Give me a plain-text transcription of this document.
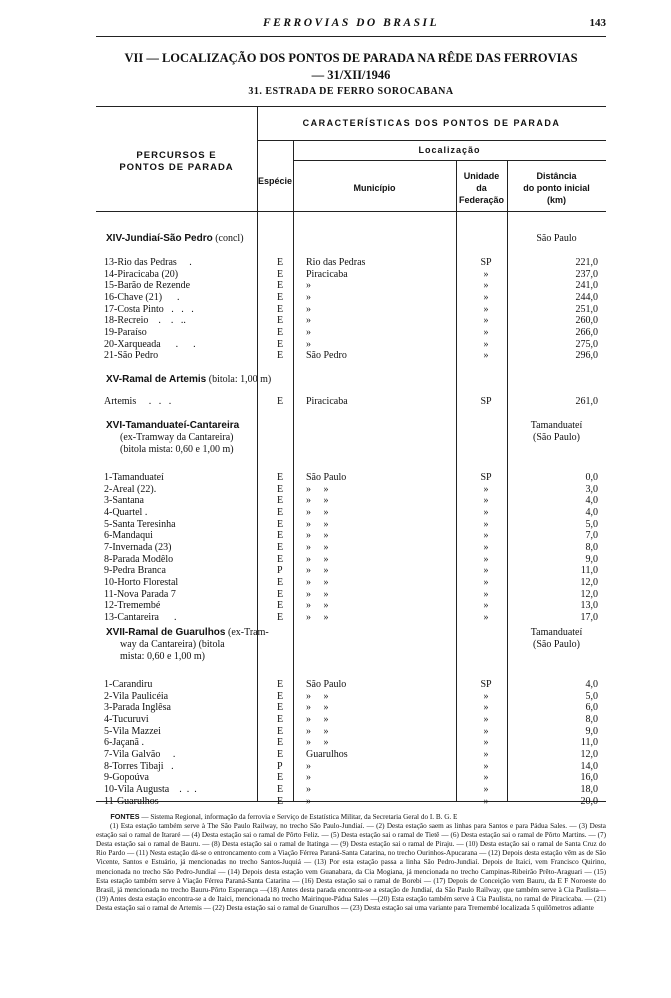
FERROVIAS DO BRASIL	143
VII — LOCALIZAÇÃO DOS PONTOS DE PARADA NA RÊDE DAS FERROVIAS
— 31/XII/1946
31. ESTRADA DE FERRO SOROCABANA
CARACTERÍSTICAS DOS PONTOS DE PARADA
PERCURSOS E
PONTOS DE PARADA
Localização
Espécie
Município
Unidade
da
Federação
Distância
do ponto inicial
(km)
XIV-Jundiaí-São Pedro (concl)	São Paulo
13-Rio das Pedras     .	E Rio das Pedras	SP	221,0
14-Piracicaba (20)	E Piracicaba	»	237,0
15-Barão de Rezende	E »	»	241,0
16-Chave (21)      .	E »	»	244,0
17-Costa Pinto   .   .   .	E »	»	251,0
18-Recreio    .    .   ..	E »	»	260,0
19-Paraíso	E »	»	266,0
20-Xarqueada      .      .	E »	»	275,0
21-São Pedro	E São Pedro	»	296,0
XV-Ramal de Artemis (bitola: 1,00 m)
Artemis     .   .   .	E Piracicaba	SP	261,0
XVI-Tamanduateí-Cantareira	Tamanduateí
(São Paulo)
(ex-Tramway da Cantareira)
(bitola mista: 0,60 e 1,00 m)
1-Tamanduateí	E São Paulo	SP	0,0
2-Areal (22).	E »     »	»	3,0
3-Santana	E »     »	»	4,0
4-Quartel .	E »     »	»	4,0
5-Santa Teresinha	E »     »	»	5,0
6-Mandaqui	E »     »	»	7,0
7-Invernada (23)	E »     »	»	8,0
8-Parada Modêlo	E »     »	»	9,0
9-Pedra Branca	P »     »	»	11,0
10-Horto Florestal	E »     »	»	12,0
11-Nova Parada 7	E »     »	»	12,0
12-Tremembé	E »     »	»	13,0
13-Cantareira      .	E »     »	»	17,0
XVII-Ramal de Guarulhos (ex-Tram-	Tamanduateí
(São Paulo)
way da Cantareira) (bitola
mista: 0,60 e 1,00 m)
1-Carandiru	E São Paulo	SP	4,0
2-Vila Paulicéia	E »     »	»	5,0
3-Parada Inglêsa	E »     »	»	6,0
4-Tucuruvi	E »     »	»	8,0
5-Vila Mazzei	E »     »	»	9,0
6-Jaçanã .	E »     »	»	11,0
7-Vila Galvão     .	E Guarulhos	»	12,0
8-Torres Tibaji   .	P »	»	14,0
9-Gopoúva	E »	»	16,0
10-Vila Augusta    .  .  .	E »	»	18,0
11-Guarulhos	E »	»	20,0
FONTES — Sistema Regional, informação da ferrovia e Serviço de Estatística Militar, da Secretaria Geral do I. B. G. E
(1) Esta estação também serve à The São Paulo Railway, no trecho São Paulo-Jundiaí. — (2) Desta estação saem as linhas para Santos e para Pádua Sales. — (3) Desta estação sai o ramal de Itararé — (4) Desta estação sai o ramal de Pôrto Feliz. — (5) Desta estação sai o ramal de Tietê — (6) Desta estação sai o ramal de Pôrto Martins. — (7) Desta estação sai o ramal de Bauru. — (8) Desta estação sai o ramal de Itatinga — (9) Desta estação sai o ramal de Piraju. — (10) Desta estação sai o ramal de Santa Cruz do Rio Pardo — (11) Nesta estação dá-se o entroncamento com a Viação Férrea Paraná-Santa Catarina, no trecho Ourinhos-Apucarana — (12) Depois desta estação vêm as de São Vicente, Santos e Estuário, já mencionadas no trecho Santos-Juquiá — (13) Por esta estação passa a linha São Pedro-Jundiaí. Depois de Itaici, vem Francisco Quirino, mencionada no trecho São Pedro-Jundiaí — (14) Depois desta estação vem Guanabara, da Cia Mogiana, já mencionada no trecho Campinas-Ribeirão Prêto-Araguari — (15) Esta estação também serve à Viação Férrea Paraná-Santa Catarina — (16) Desta estação sai o ramal de Borebi — (17) Depois de Conceição vem Bauru, da E F Noroeste do Brasil, já mencionada no trecho Bauru-Pôrto Esperança —(18) Antes desta parada encontra-se a estação de Jundiaí, da São Paulo Railway, que também serve à Cia Paulista—(19) Antes desta estação encontra-se a de Itaici, mencionada no trecho Mairinque-Pádua Sales —(20) Esta estação também serve à Cia Paulista, no ramal de Piracicaba. — (21) Desta estação sai o ramal de Artemis — (22) Desta estação sai o ramal de Guarulhos — (23) Desta estação sai uma variante para Tremembé localizada 5 quilômetros adiante
